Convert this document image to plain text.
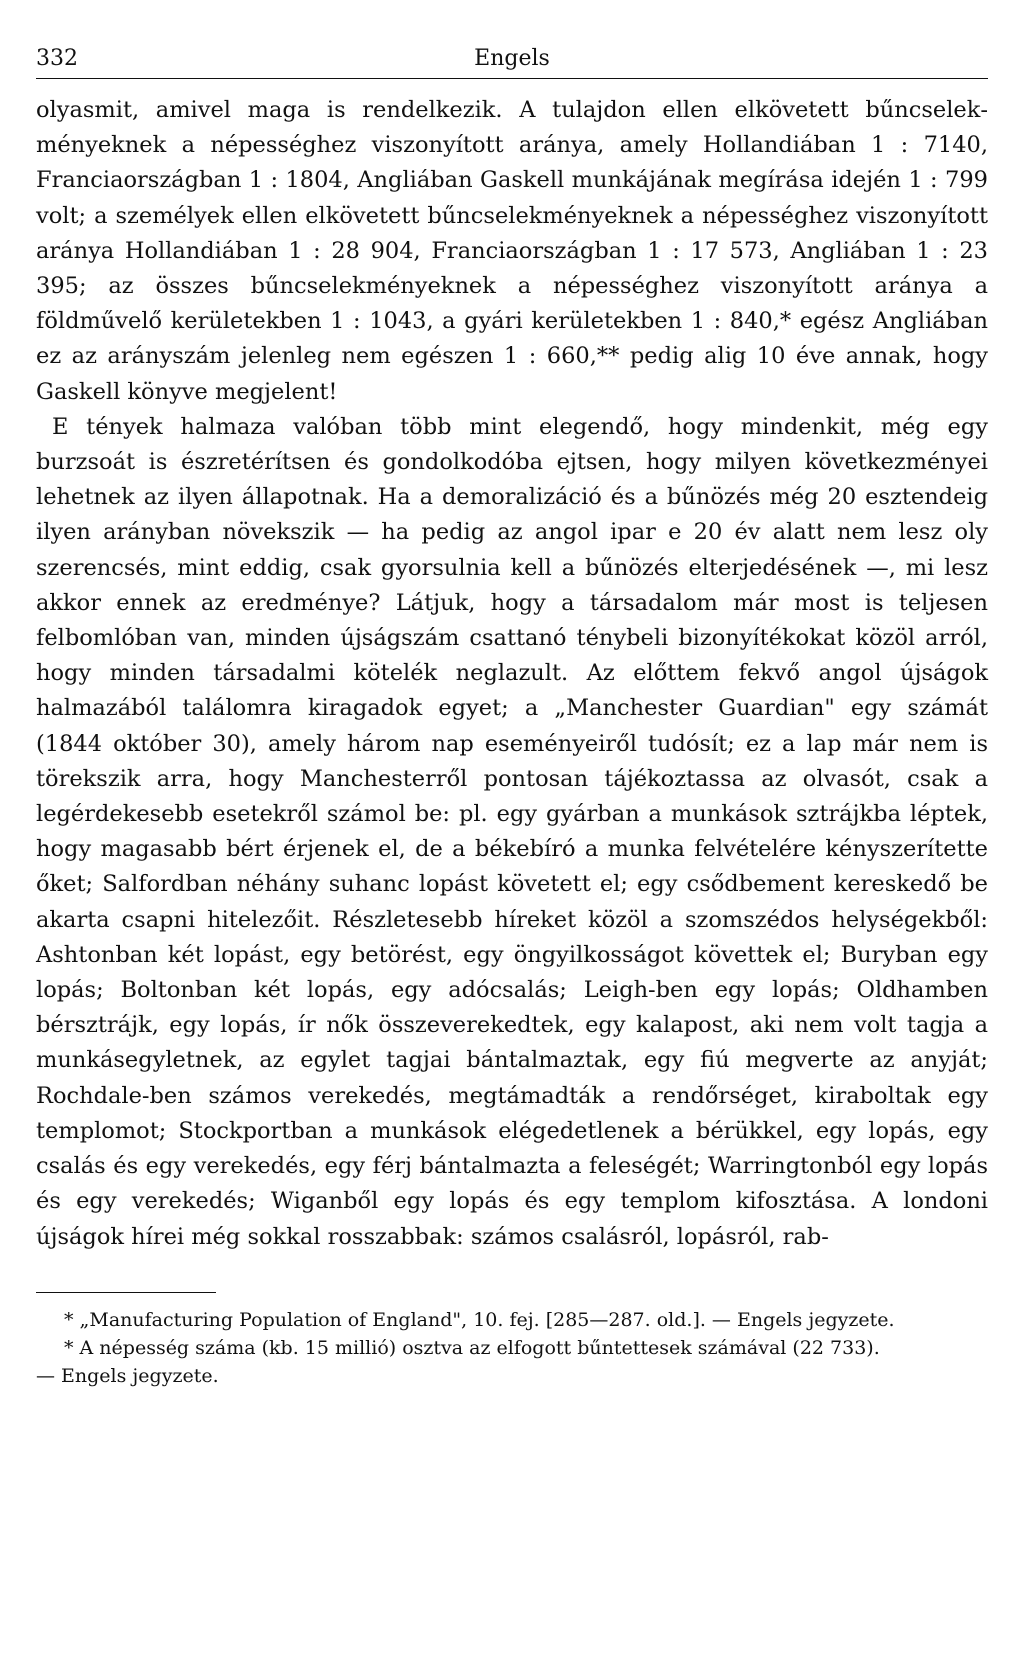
332	Engels

olyasmit, amivel maga is rendelkezik. A tulajdon ellen elkövetett bűncselekményeknek a népességhez viszonyított aránya, amely Hollandiában 1 : 7140, Franciaországban 1 : 1804, Angliában Gaskell munkájának megírása idején 1 : 799 volt; a személyek ellen elkövetett bűncselekményeknek a népességhez viszonyított aránya Hollandiában 1 : 28 904, Franciaországban 1 : 17 573, Angliában 1 : 23 395; az összes bűncselekményeknek a népességhez viszonyított aránya a földművelő kerületekben 1 : 1043, a gyári kerületekben 1 : 840,* egész Angliában ez az arányszám jelenleg nem egészen 1 : 660,** pedig alig 10 éve annak, hogy Gaskell könyve megjelent!

E tények halmaza valóban több mint elegendő, hogy mindenkit, még egy burzsoát is észretérítsen és gondolkodóba ejtsen, hogy milyen következményei lehetnek az ilyen állapotnak. Ha a demoralizáció és a bűnözés még 20 esztendeig ilyen arányban növekszik — ha pedig az angol ipar e 20 év alatt nem lesz oly szerencsés, mint eddig, csak gyorsulnia kell a bűnözés elterjedésének —, mi lesz akkor ennek az eredménye? Látjuk, hogy a társadalom már most is teljesen felbomlóban van, minden újságszám csattanó ténybeli bizonyítékokat közöl arról, hogy minden társadalmi kötelék neglazult. Az előttem fekvő angol újságok halmazából találomra kiragadok egyet; a „Manchester Guardian" egy számát (1844 október 30), amely három nap eseményeiről tudósít; ez a lap már nem is törekszik arra, hogy Manchesterről pontosan tájékoztassa az olvasót, csak a legérdekesebb esetekről számol be: pl. egy gyárban a munkások sztrájkba léptek, hogy magasabb bért érjenek el, de a békebíró a munka felvételére kényszerítette őket; Salfordban néhány suhanc lopást követett el; egy csődbement kereskedő be akarta csapni hitelezőit. Részletesebb híreket közöl a szomszédos helységekből: Ashtonban két lopást, egy betörést, egy öngyilkosságot követtek el; Buryban egy lopás; Boltonban két lopás, egy adócsalás; Leigh-ben egy lopás; Oldhamben bérsztrájk, egy lopás, ír nők összeverekedtek, egy kalapost, aki nem volt tagja a munkásegyletnek, az egylet tagjai bántalmaztak, egy fiú megverte az anyját; Rochdale-ben számos verekedés, megtámadták a rendőrséget, kiraboltak egy templomot; Stockportban a munkások elégedetlenek a bérükkel, egy lopás, egy csalás és egy verekedés, egy férj bántalmazta a feleségét; Warringtonból egy lopás és egy verekedés; Wiganből egy lopás és egy templom kifosztása. A londoni újságok hírei még sokkal rosszabbak: számos csalásról, lopásról, rab-

* „Manufacturing Population of England", 10. fej. [285—287. old.]. — Engels jegyzete.

* A népesség száma (kb. 15 millió) osztva az elfogott bűntettesek számával (22 733).

— Engels jegyzete.
